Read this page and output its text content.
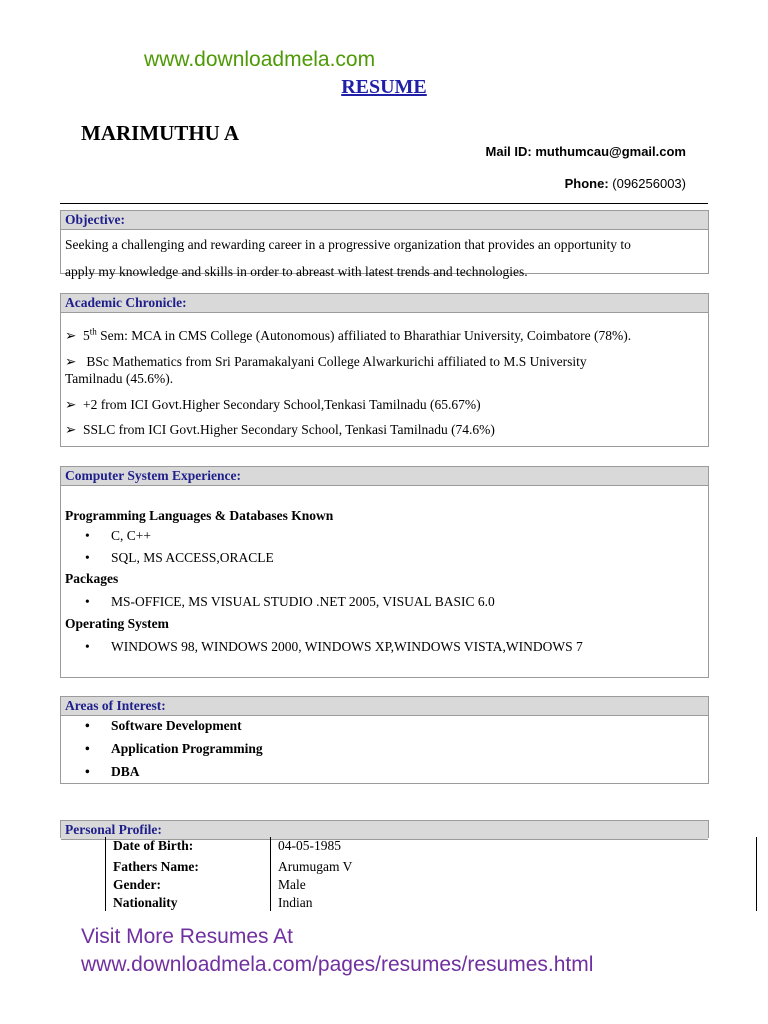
www.downloadmela.com
RESUME
MARIMUTHU A
Mail ID: muthumcau@gmail.com
Phone: (096256003)
Objective:
Seeking a challenging and rewarding career in a progressive organization that provides an opportunity to
apply my knowledge and skills in order to abreast with latest trends and technologies.
Academic Chronicle:
➢ 5th Sem: MCA in CMS College (Autonomous) affiliated to Bharathiar University, Coimbatore (78%).
➢ BSc Mathematics from Sri Paramakalyani College Alwarkurichi affiliated to M.S University
Tamilnadu (45.6%).
➢ +2 from ICI Govt.Higher Secondary School,Tenkasi Tamilnadu (65.67%)
➢ SSLC from ICI Govt.Higher Secondary School, Tenkasi Tamilnadu (74.6%)
Computer System Experience:
Programming Languages & Databases Known
• C, C++
• SQL, MS ACCESS,ORACLE
Packages
• MS-OFFICE, MS VISUAL STUDIO .NET 2005, VISUAL BASIC 6.0
Operating System
• WINDOWS 98, WINDOWS 2000, WINDOWS XP,WINDOWS VISTA,WINDOWS 7
Areas of Interest:
• Software Development
• Application Programming
• DBA
Personal Profile:
Date of Birth:	04-05-1985
Fathers Name:	Arumugam V
Gender:	Male
Nationality	Indian
Visit More Resumes At
www.downloadmela.com/pages/resumes/resumes.html
